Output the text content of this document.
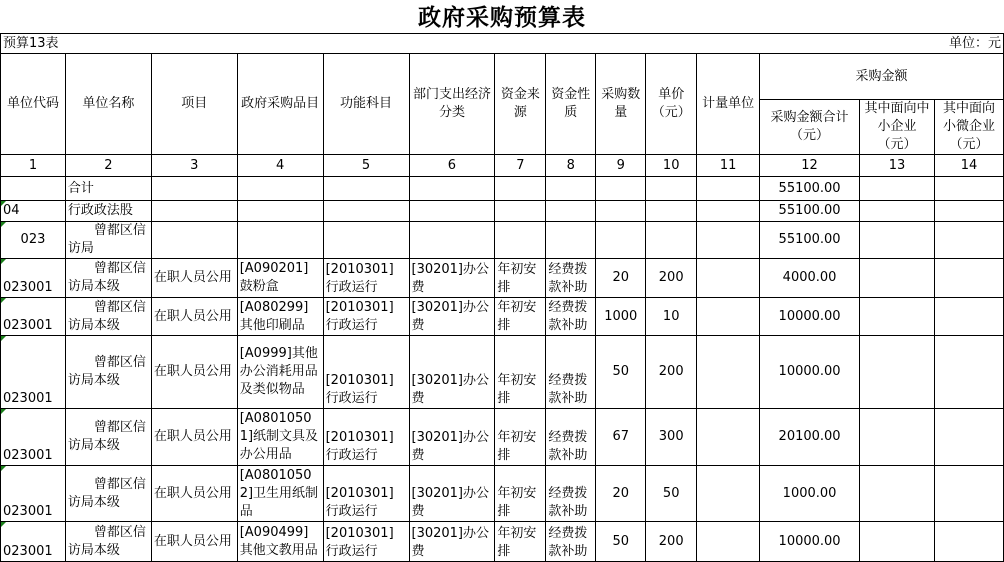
政府采购预算表
预算13表												单位：元	
单位代码	单位名称	项目	政府采购品目	功能科目	部门支出经济分类	资金来源	资金性质	采购数量	单价（元）	计量单位	采购金额		
											采购金额合计（元）	其中面向中小企业（元）	其中面向小微企业（元）
1	2	3	4	5	6	7	8	9	10	11	12	13	14
	合计										55100.00		
04	行政政法股										55100.00		
023	曾都区信访局										55100.00		
023001	曾都区信访局本级	在职人员公用	[A090201]鼓粉盒	[2010301]行政运行	[30201]办公费	年初安排	经费拨款补助	20	200		4000.00		
023001	曾都区信访局本级	在职人员公用	[A080299]其他印刷品	[2010301]行政运行	[30201]办公费	年初安排	经费拨款补助	1000	10		10000.00		
023001	曾都区信访局本级	在职人员公用	[A0999]其他办公消耗用品及类似物品	[2010301]行政运行	[30201]办公费	年初安排	经费拨款补助	50	200		10000.00		
023001	曾都区信访局本级	在职人员公用	[A08010501]纸制文具及办公用品	[2010301]行政运行	[30201]办公费	年初安排	经费拨款补助	67	300		20100.00		
023001	曾都区信访局本级	在职人员公用	[A08010502]卫生用纸制品	[2010301]行政运行	[30201]办公费	年初安排	经费拨款补助	20	50		1000.00		
023001	曾都区信访局本级	在职人员公用	[A090499]其他文教用品	[2010301]行政运行	[30201]办公费	年初安排	经费拨款补助	50	200		10000.00		
